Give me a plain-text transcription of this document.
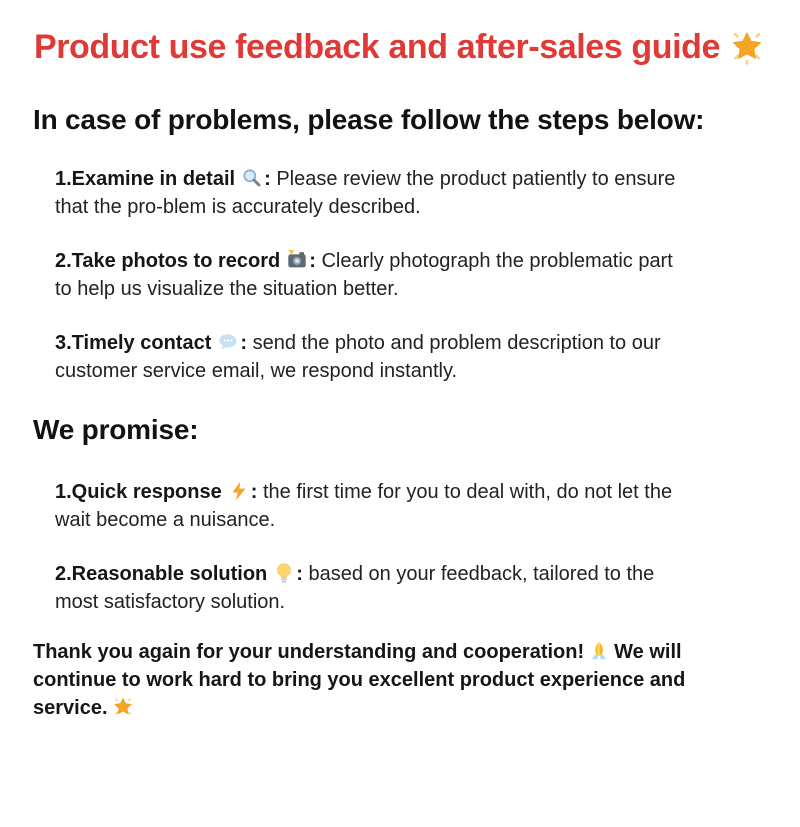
Product use feedback and after-sales guide
In case of problems, please follow the steps below:

1.Examine in detail : Please review the product patiently to ensure
that the pro-blem is accurately described.

2.Take photos to record : Clearly photograph the problematic part
to help us visualize the situation better.

3.Timely contact : send the photo and problem description to our
customer service email, we respond instantly.

We promise:

1.Quick response : the first time for you to deal with, do not let the
wait become a nuisance.

2.Reasonable solution : based on your feedback, tailored to the
most satisfactory solution.

Thank you again for your understanding and cooperation! We will
continue to work hard to bring you excellent product experience and
service.
